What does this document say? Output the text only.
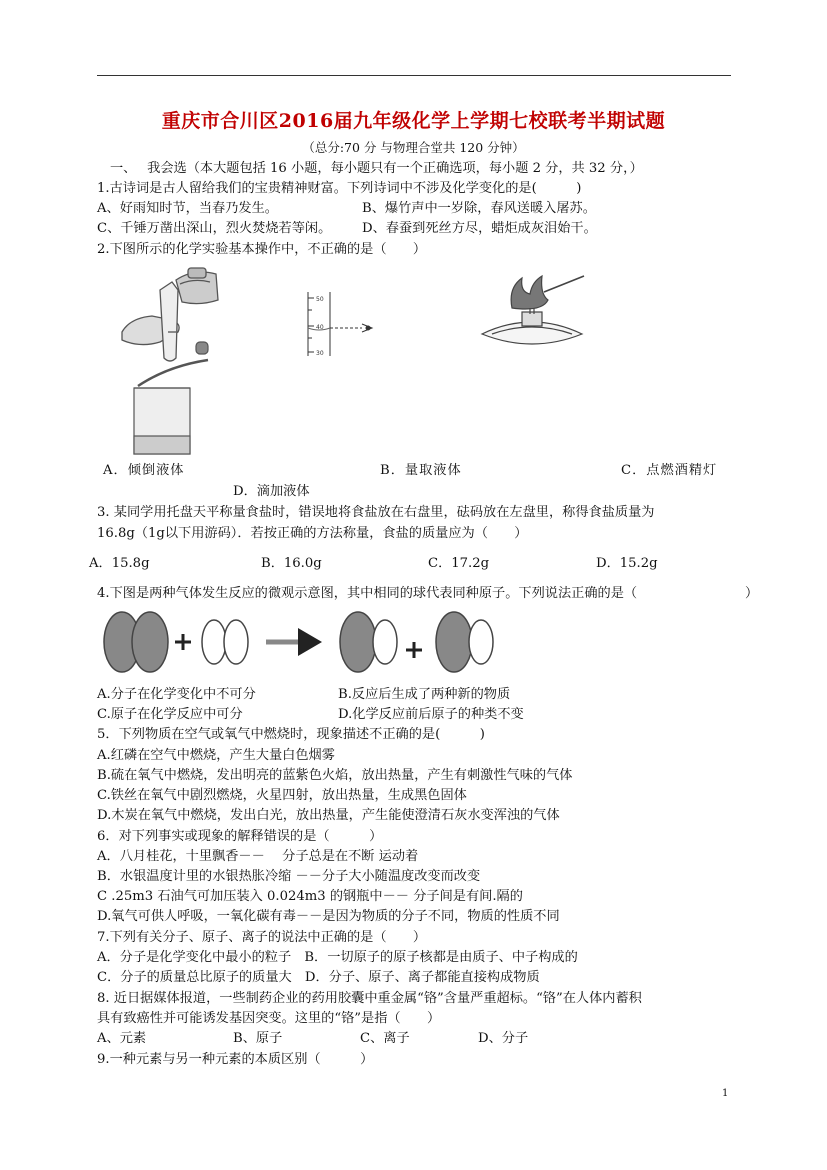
重庆市合川区2016届九年级化学上学期七校联考半期试题
（总分:70 分 与物理合堂共 120 分钟）
一、　 我会选（本大题包括 16 小题，每小题只有一个正确选项，每小题 2 分，共 32 分，）
1.古诗词是古人留给我们的宝贵精神财富。下列诗词中不涉及化学变化的是(　　　)
A、好雨知时节，当春乃发生。	B、爆竹声中一岁除，春风送暖入屠苏。
C、千锤万凿出深山，烈火焚烧若等闲。 D、春蚕到死丝方尽，蜡炬成灰泪始干。
2.下图所示的化学实验基本操作中，不正确的是（　　）
50
40
30
A．倾倒液体	B．量取液体	C．点燃酒精灯
D．滴加液体
3. 某同学用托盘天平称量食盐时，错误地将食盐放在右盘里，砝码放在左盘里，称得食盐质量为
16.8g（1g以下用游码）．若按正确的方法称量，食盐的质量应为（　　）
A．15.8g	B．16.0g	C．17.2g	D．15.2g
4.下图是两种气体发生反应的微观示意图，其中相同的球代表同种原子。下列说法正确的是（	）
A.分子在化学变化中不可分	B.反应后生成了两种新的物质
C.原子在化学反应中可分	D.化学反应前后原子的种类不变
5．下列物质在空气或氧气中燃烧时，现象描述不正确的是(　　　)
A.红磷在空气中燃烧，产生大量白色烟雾
B.硫在氧气中燃烧，发出明亮的蓝紫色火焰，放出热量，产生有刺激性气味的气体
C.铁丝在氧气中剧烈燃烧，火星四射，放出热量，生成黑色固体
D.木炭在氧气中燃烧，发出白光，放出热量，产生能使澄清石灰水变浑浊的气体
6．对下列事实或现象的解释错误的是（　　　）
A．八月桂花，十里飘香－－　 分子总是在不断 运动着
B．水银温度计里的水银热胀冷缩 －－分子大小随温度改变而改变
C .25m3 石油气可加压装入 0.024m3 的钢瓶中－－ 分子间是有间.隔的
D.氧气可供人呼吸，一氧化碳有毒－－是因为物质的分子不同，物质的性质不同
7.下列有关分子、原子、离子的说法中正确的是（　　）
A．分子是化学变化中最小的粒子　B．一切原子的原子核都是由质子、中子构成的
C．分子的质量总比原子的质量大　D．分子、原子、离子都能直接构成物质
8. 近日据媒体报道，一些制药企业的药用胶囊中重金属“铬”含量严重超标。“铬”在人体内蓄积
具有致癌性并可能诱发基因突变。这里的“铬”是指（　　）
A、元素	B、原子	C、离子	D、分子
9.一种元素与另一种元素的本质区别（　　　）
1
